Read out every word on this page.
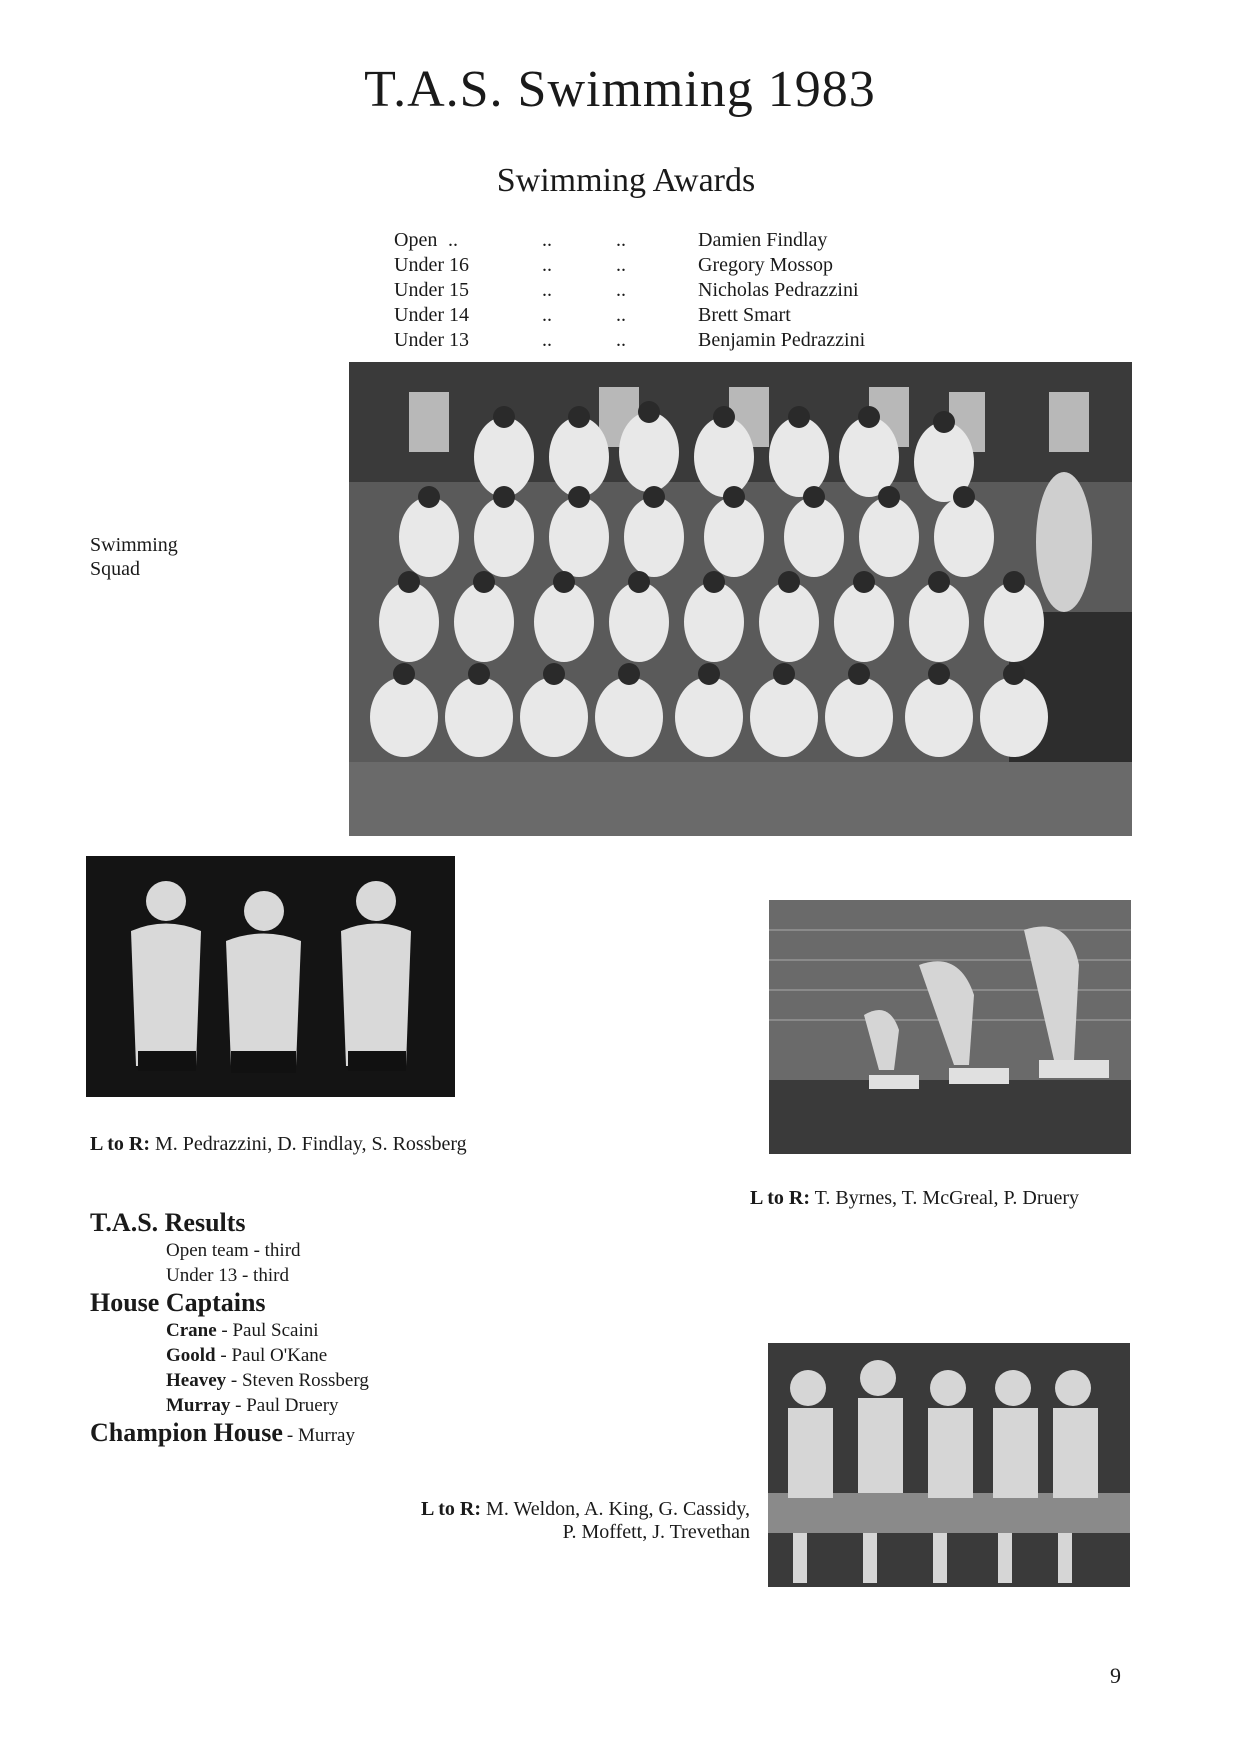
T.A.S. Swimming 1983
Swimming Awards
Open ..	..	..	Damien Findlay
Under 16	..	..	Gregory Mossop
Under 15	..	..	Nicholas Pedrazzini
Under 14	..	..	Brett Smart
Under 13	..	..	Benjamin Pedrazzini
Swimming
Squad
L to R: M. Pedrazzini, D. Findlay, S. Rossberg
L to R: T. Byrnes, T. McGreal, P. Druery
T.A.S. Results
Open team - third
Under 13 - third
House Captains
Crane - Paul Scaini
Goold - Paul O'Kane
Heavey - Steven Rossberg
Murray - Paul Druery
Champion House - Murray
L to R: M. Weldon, A. King, G. Cassidy,
P. Moffett, J. Trevethan
9
